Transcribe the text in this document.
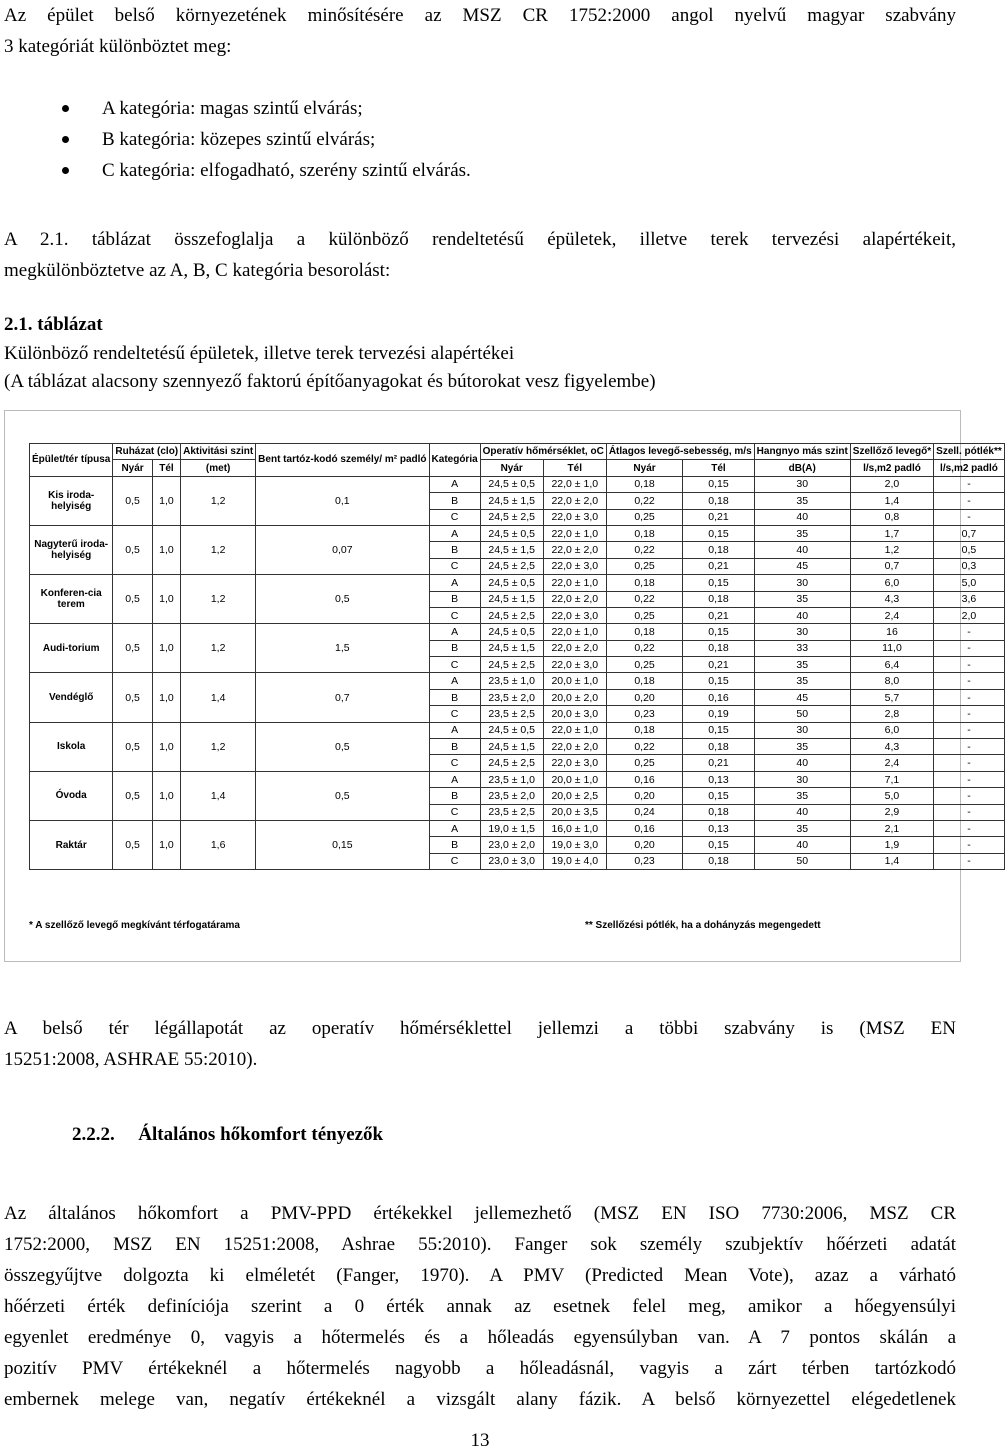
Az épület belső környezetének minősítésére az MSZ CR 1752:2000 angol nyelvű magyar szabvány
3 kategóriát különböztet meg:
A kategória: magas szintű elvárás;
B kategória: közepes szintű elvárás;
C kategória: elfogadható, szerény szintű elvárás.
A 2.1. táblázat összefoglalja a különböző rendeltetésű épületek, illetve terek tervezési alapértékeit,
megkülönböztetve az A, B, C kategória besorolást:
2.1. táblázat
Különböző rendeltetésű épületek, illetve terek tervezési alapértékei
(A táblázat alacsony szennyező faktorú építőanyagokat és bútorokat vesz figyelembe)
Épület/tér típusa	Ruházat (clo)		Aktivitási szint	Bent tartóz-kodó személy/ m² padló	Kategória	Operatív hőmérséklet, oC		Átlagos levegő-sebesség, m/s		Hangnyo más szint	Szellőző levegő*	Szell. pótlék**
	Nyár	Tél	(met)			Nyár	Tél	Nyár	Tél	dB(A)	l/s,m2 padló	l/s,m2 padló
Kis iroda-helyiség	0,5	1,0	1,2	0,1	A	24,5 ± 0,5	22,0 ± 1,0	0,18	0,15	30	2,0	-
					B	24,5 ± 1,5	22,0 ± 2,0	0,22	0,18	35	1,4	-
					C	24,5 ± 2,5	22,0 ± 3,0	0,25	0,21	40	0,8	-
Nagyterű iroda-helyiség	0,5	1,0	1,2	0,07	A	24,5 ± 0,5	22,0 ± 1,0	0,18	0,15	35	1,7	0,7
					B	24,5 ± 1,5	22,0 ± 2,0	0,22	0,18	40	1,2	0,5
					C	24,5 ± 2,5	22,0 ± 3,0	0,25	0,21	45	0,7	0,3
Konferen-cia terem	0,5	1,0	1,2	0,5	A	24,5 ± 0,5	22,0 ± 1,0	0,18	0,15	30	6,0	5,0
					B	24,5 ± 1,5	22,0 ± 2,0	0,22	0,18	35	4,3	3,6
					C	24,5 ± 2,5	22,0 ± 3,0	0,25	0,21	40	2,4	2,0
Audi-torium	0,5	1,0	1,2	1,5	A	24,5 ± 0,5	22,0 ± 1,0	0,18	0,15	30	16	-
					B	24,5 ± 1,5	22,0 ± 2,0	0,22	0,18	33	11,0	-
					C	24,5 ± 2,5	22,0 ± 3,0	0,25	0,21	35	6,4	-
Vendéglő	0,5	1,0	1,4	0,7	A	23,5 ± 1,0	20,0 ± 1,0	0,18	0,15	35	8,0	-
					B	23,5 ± 2,0	20,0 ± 2,0	0,20	0,16	45	5,7	-
					C	23,5 ± 2,5	20,0 ± 3,0	0,23	0,19	50	2,8	-
Iskola	0,5	1,0	1,2	0,5	A	24,5 ± 0,5	22,0 ± 1,0	0,18	0,15	30	6,0	-
					B	24,5 ± 1,5	22,0 ± 2,0	0,22	0,18	35	4,3	-
					C	24,5 ± 2,5	22,0 ± 3,0	0,25	0,21	40	2,4	-
Óvoda	0,5	1,0	1,4	0,5	A	23,5 ± 1,0	20,0 ± 1,0	0,16	0,13	30	7,1	-
					B	23,5 ± 2,0	20,0 ± 2,5	0,20	0,15	35	5,0	-
					C	23,5 ± 2,5	20,0 ± 3,5	0,24	0,18	40	2,9	-
Raktár	0,5	1,0	1,6	0,15	A	19,0 ± 1,5	16,0 ± 1,0	0,16	0,13	35	2,1	-
					B	23,0 ± 2,0	19,0 ± 3,0	0,20	0,15	40	1,9	-
					C	23,0 ± 3,0	19,0 ± 4,0	0,23	0,18	50	1,4	-
* A szellőző levegő megkívánt térfogatárama	** Szellőzési pótlék, ha a dohányzás megengedett
A belső tér légállapotát az operatív hőmérséklettel jellemzi a többi szabvány is (MSZ EN
15251:2008, ASHRAE 55:2010).
2.2.2. Általános hőkomfort tényezők
Az általános hőkomfort a PMV-PPD értékekkel jellemezhető (MSZ EN ISO 7730:2006, MSZ CR
1752:2000, MSZ EN 15251:2008, Ashrae 55:2010). Fanger sok személy szubjektív hőérzeti adatát
összegyűjtve dolgozta ki elméletét (Fanger, 1970). A PMV (Predicted Mean Vote), azaz a várható
hőérzeti érték definíciója szerint a 0 érték annak az esetnek felel meg, amikor a hőegyensúlyi
egyenlet eredménye 0, vagyis a hőtermelés és a hőleadás egyensúlyban van. A 7 pontos skálán a
pozitív PMV értékeknél a hőtermelés nagyobb a hőleadásnál, vagyis a zárt térben tartózkodó
embernek melege van, negatív értékeknél a vizsgált alany fázik. A belső környezettel elégedetlenek
13
